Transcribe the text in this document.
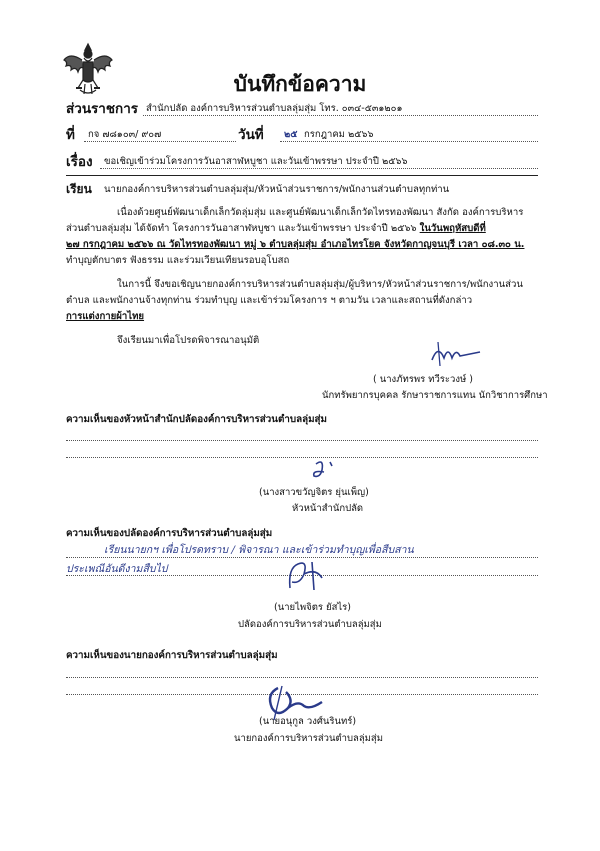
บันทึกข้อความ
ส่วนราชการ สำนักปลัด องค์การบริหารส่วนตำบลลุ่มสุ่ม โทร. ๐๓๔-๕๓๑๒๐๑
ที่ กจ ๗๘๑๐๓/ ๙๐๗	วันที่ ๒๕ กรกฎาคม ๒๕๖๖
เรื่อง ขอเชิญเข้าร่วมโครงการวันอาสาฬหบูชา และวันเข้าพรรษา ประจำปี ๒๕๖๖
เรียน นายกองค์การบริหารส่วนตำบลลุ่มสุ่ม/หัวหน้าส่วนราชการ/พนักงานส่วนตำบลทุกท่าน
เนื่องด้วยศูนย์พัฒนาเด็กเล็กวัดลุ่มสุ่ม และศูนย์พัฒนาเด็กเล็กวัดไทรทองพัฒนา สังกัด องค์การบริหาร
ส่วนตำบลลุ่มสุ่ม ได้จัดทำ โครงการวันอาสาฬหบูชา และวันเข้าพรรษา ประจำปี ๒๕๖๖ ในวันพฤหัสบดีที่
๒๗ กรกฎาคม ๒๕๖๖ ณ วัดไทรทองพัฒนา หมู่ ๖ ตำบลลุ่มสุ่ม อำเภอไทรโยค จังหวัดกาญจนบุรี เวลา ๐๘.๓๐ น.
ทำบุญตักบาตร ฟังธรรม และร่วมเวียนเทียนรอบอุโบสถ
ในการนี้ จึงขอเชิญนายกองค์การบริหารส่วนตำบลลุ่มสุ่ม/ผู้บริหาร/หัวหน้าส่วนราชการ/พนักงานส่วน
ตำบล และพนักงานจ้างทุกท่าน ร่วมทำบุญ และเข้าร่วมโครงการ ฯ ตามวัน เวลาและสถานที่ดังกล่าว
การแต่งกายผ้าไทย
จึงเรียนมาเพื่อโปรดพิจารณาอนุมัติ
( นางภัทรพร ทวีระวงษ์ )
นักทรัพยากรบุคคล รักษาราชการแทน นักวิชาการศึกษา
ความเห็นของหัวหน้าสำนักปลัดองค์การบริหารส่วนตำบลลุ่มสุ่ม
(นางสาวขวัญจิตร ยุ่นเพ็ญ)
หัวหน้าสำนักปลัด
ความเห็นของปลัดองค์การบริหารส่วนตำบลลุ่มสุ่ม
เรียนนายกฯ เพื่อโปรดทราบ / พิจารณา และเข้าร่วมทำบุญเพื่อสืบสาน
ประเพณีอันดีงามสืบไป
(นายไพจิตร ยัสไร)
ปลัดองค์การบริหารส่วนตำบลลุ่มสุ่ม
ความเห็นของนายกองค์การบริหารส่วนตำบลลุ่มสุ่ม
(นายอนุกูล วงศ์นรินทร์)
นายกองค์การบริหารส่วนตำบลลุ่มสุ่ม
